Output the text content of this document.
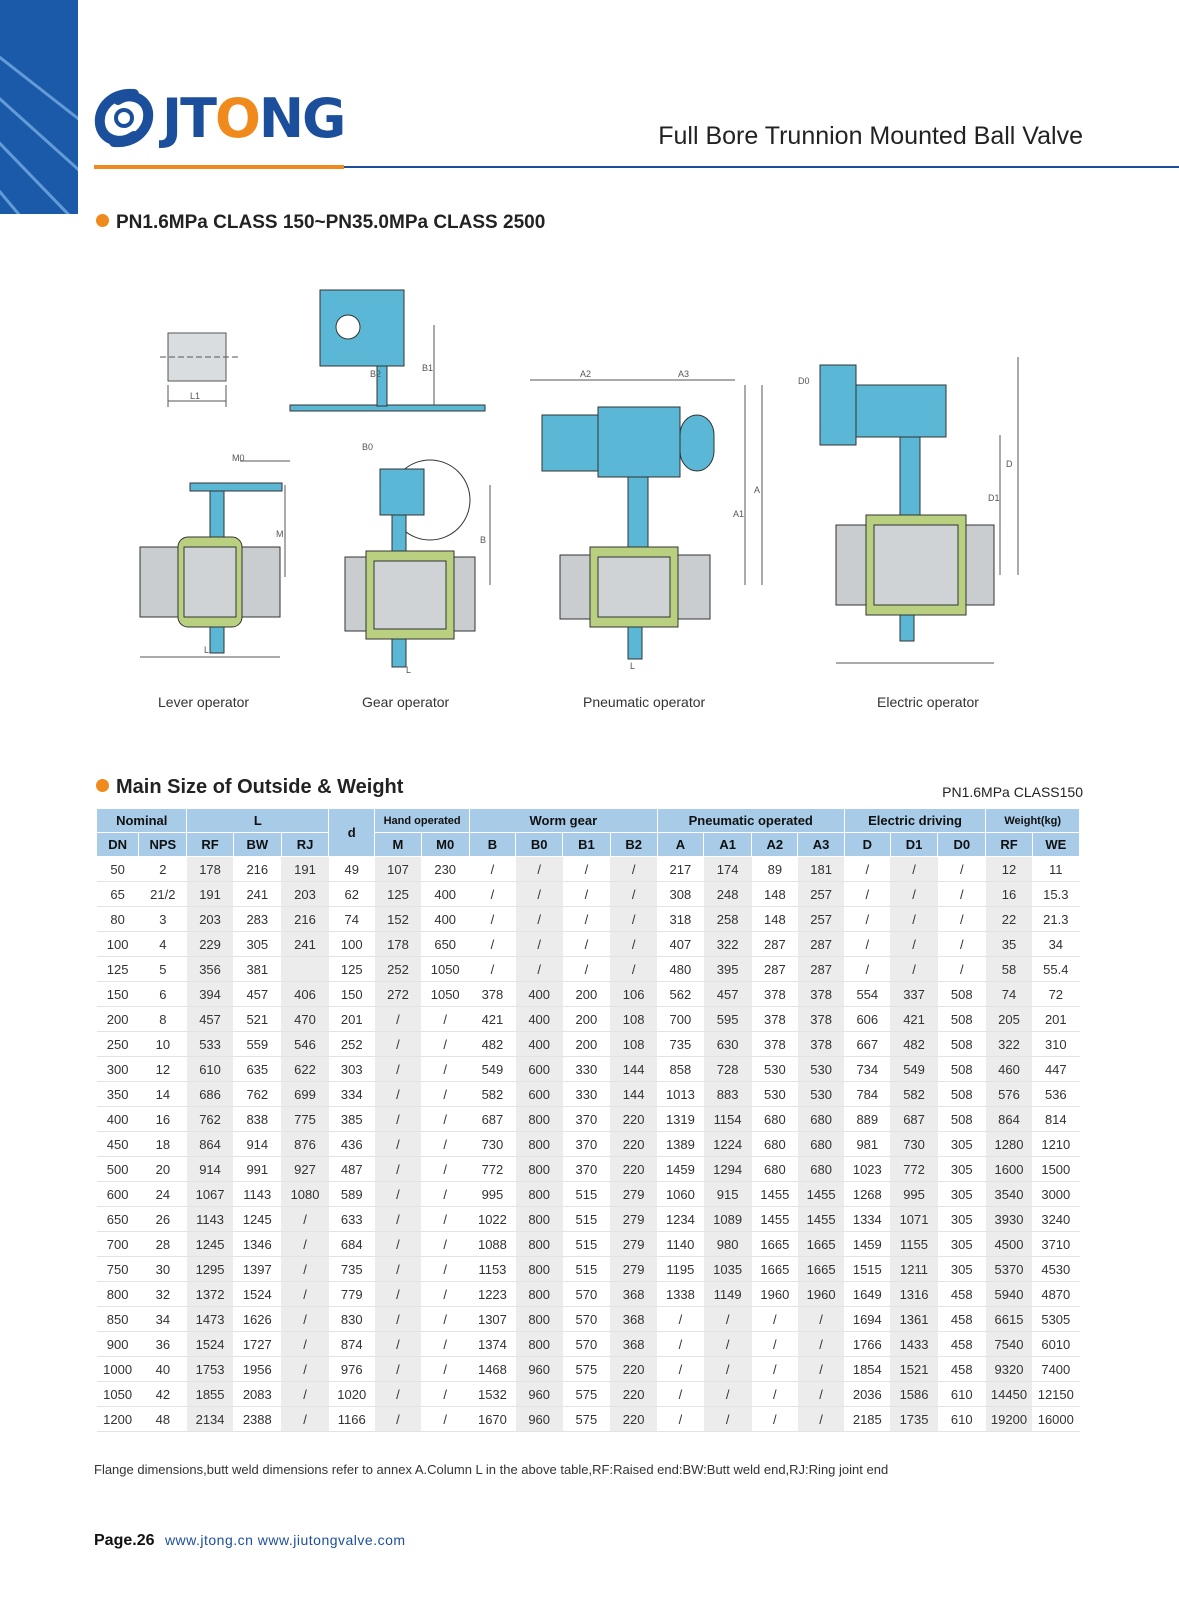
JTONG	Full Bore Trunnion Mounted Ball Valve
PN1.6MPa CLASS 150~PN35.0MPa CLASS 2500
L1
B2
B1
M0
M
L
B0
B
L
A2	A3
A1
A
L
D0
D
D1
Lever operator	Gear operator	Pneumatic operator	Electric operator
Main Size of Outside & Weight	PN1.6MPa CLASS150
Nominal		L			d	Hand operated		Worm gear				Pneumatic operated				Electric driving			Weight(kg)	
DN	NPS	RF	BW	RJ		M	M0	B	B0	B1	B2	A	A1	A2	A3	D	D1	D0	RF	WE
50	2	178	216	191	49	107	230	/	/	/	/	217	174	89	181	/	/	/	12	11
65	21/2	191	241	203	62	125	400	/	/	/	/	308	248	148	257	/	/	/	16	15.3
80	3	203	283	216	74	152	400	/	/	/	/	318	258	148	257	/	/	/	22	21.3
100	4	229	305	241	100	178	650	/	/	/	/	407	322	287	287	/	/	/	35	34
125	5	356	381		125	252	1050	/	/	/	/	480	395	287	287	/	/	/	58	55.4
150	6	394	457	406	150	272	1050	378	400	200	106	562	457	378	378	554	337	508	74	72
200	8	457	521	470	201	/	/	421	400	200	108	700	595	378	378	606	421	508	205	201
250	10	533	559	546	252	/	/	482	400	200	108	735	630	378	378	667	482	508	322	310
300	12	610	635	622	303	/	/	549	600	330	144	858	728	530	530	734	549	508	460	447
350	14	686	762	699	334	/	/	582	600	330	144	1013	883	530	530	784	582	508	576	536
400	16	762	838	775	385	/	/	687	800	370	220	1319	1154	680	680	889	687	508	864	814
450	18	864	914	876	436	/	/	730	800	370	220	1389	1224	680	680	981	730	305	1280	1210
500	20	914	991	927	487	/	/	772	800	370	220	1459	1294	680	680	1023	772	305	1600	1500
600	24	1067	1143	1080	589	/	/	995	800	515	279	1060	915	1455	1455	1268	995	305	3540	3000
650	26	1143	1245	/	633	/	/	1022	800	515	279	1234	1089	1455	1455	1334	1071	305	3930	3240
700	28	1245	1346	/	684	/	/	1088	800	515	279	1140	980	1665	1665	1459	1155	305	4500	3710
750	30	1295	1397	/	735	/	/	1153	800	515	279	1195	1035	1665	1665	1515	1211	305	5370	4530
800	32	1372	1524	/	779	/	/	1223	800	570	368	1338	1149	1960	1960	1649	1316	458	5940	4870
850	34	1473	1626	/	830	/	/	1307	800	570	368	/	/	/	/	1694	1361	458	6615	5305
900	36	1524	1727	/	874	/	/	1374	800	570	368	/	/	/	/	1766	1433	458	7540	6010
1000	40	1753	1956	/	976	/	/	1468	960	575	220	/	/	/	/	1854	1521	458	9320	7400
1050	42	1855	2083	/	1020	/	/	1532	960	575	220	/	/	/	/	2036	1586	610	14450	12150
1200	48	2134	2388	/	1166	/	/	1670	960	575	220	/	/	/	/	2185	1735	610	19200	16000
Flange dimensions,butt weld dimensions refer to annex A.Column L in the above table,RF:Raised end:BW:Butt weld end,RJ:Ring joint end
Page.26 www.jtong.cn www.jiutongvalve.com
